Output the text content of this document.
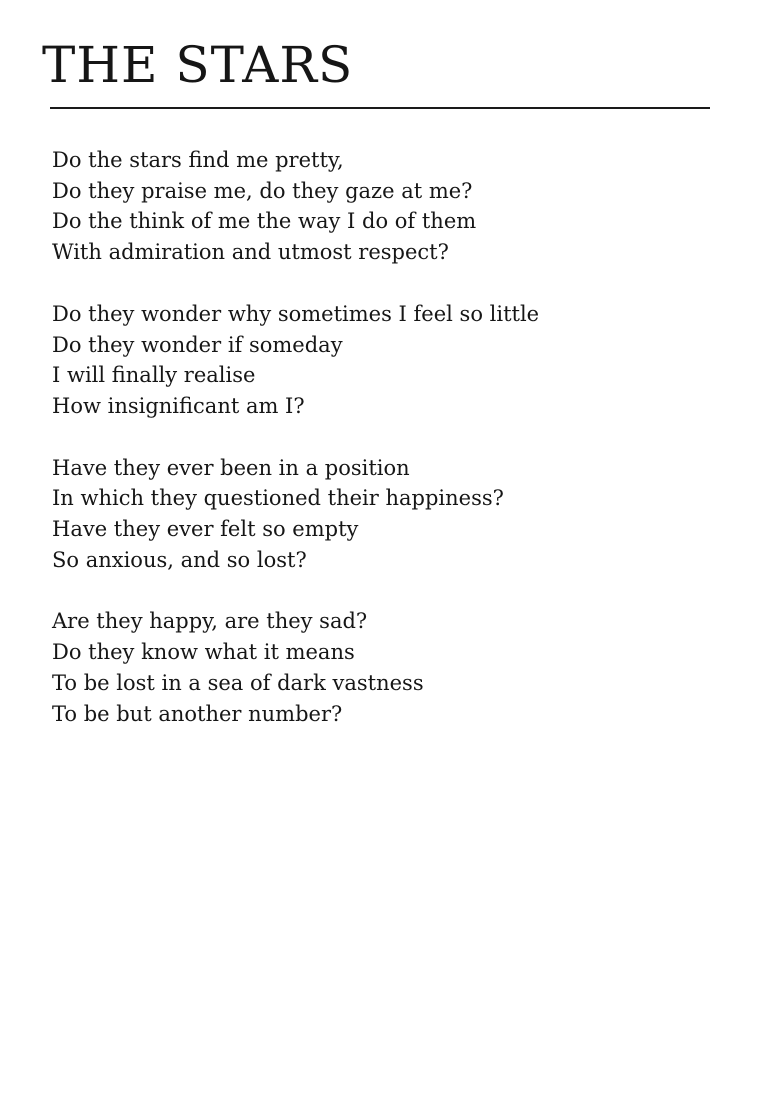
THE STARS
Do the stars find me pretty,
Do they praise me, do they gaze at me?
Do the think of me the way I do of them
With admiration and utmost respect?
Do they wonder why sometimes I feel so little
Do they wonder if someday
I will finally realise
How insignificant am I?
Have they ever been in a position
In which they questioned their happiness?
Have they ever felt so empty
So anxious, and so lost?
Are they happy, are they sad?
Do they know what it means
To be lost in a sea of dark vastness
To be but another number?
